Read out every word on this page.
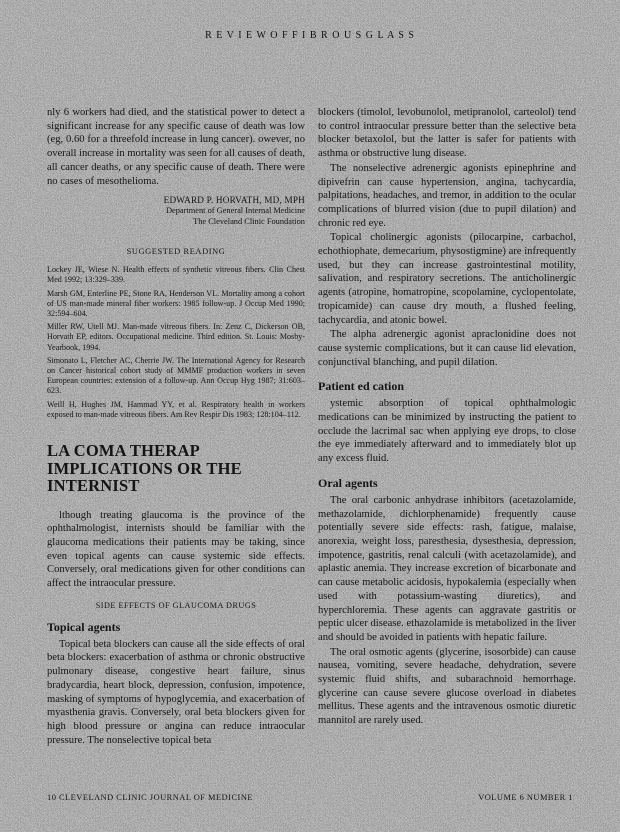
R E V I E W O F F I B R O U S G L A S S

nly 6 workers had died, and the statistical power to detect a significant increase for any specific cause of death was low (eg, 0.60 for a threefold increase in lung cancer). owever, no overall increase in mortality was seen for all causes of death, all cancer deaths, or any specific cause of death. There were no cases of mesothelioma.

EDWARD P. HORVATH, MD, MPH
Department of General Internal Medicine
The Cleveland Clinic Foundation
SUGGESTED READING

Lockey JE, Wiese N. Health effects of synthetic vitreous fibers. Clin Chest Med 1992; 13:329–339.

Marsh GM, Enterline PE, Stone RA, Henderson VL. Mortality among a cohort of US man-made mineral fiber workers: 1985 follow-up. J Occup Med 1990; 32:594–604.

Miller RW, Utell MJ. Man-made vitreous fibers. In: Zenz C, Dickerson OB, Horvath EP, editors. Occupational medicine. Third edition. St. Louis: Mosby-Yearbook, 1994.

Simonato L, Fletcher AC, Cherrie JW. The International Agency for Research on Cancer historical cohort study of MMMF production workers in seven European countries: extension of a follow-up. Ann Occup Hyg 1987; 31:603–623.

Weill H, Hughes JM, Hammad YY, et al. Respiratory health in workers exposed to man-made vitreous fibers. Am Rev Respir Dis 1983; 128:104–112.

LA COMA THERAP
IMPLICATIONS OR THE INTERNIST

lthough treating glaucoma is the province of the ophthalmologist, internists should be familiar with the glaucoma medications their patients may be taking, since even topical agents can cause systemic side effects. Conversely, oral medications given for other conditions can affect the intraocular pressure.

SIDE EFFECTS OF GLAUCOMA DRUGS
Topical agents

Topical beta blockers can cause all the side effects of oral beta blockers: exacerbation of asthma or chronic obstructive pulmonary disease, congestive heart failure, sinus bradycardia, heart block, depression, confusion, impotence, masking of symptoms of hypoglycemia, and exacerbation of myasthenia gravis. Conversely, oral beta blockers given for high blood pressure or angina can reduce intraocular pressure. The nonselective topical beta

blockers (timolol, levobunolol, metipranolol, carteolol) tend to control intraocular pressure better than the selective beta blocker betaxolol, but the latter is safer for patients with asthma or obstructive lung disease.

The nonselective adrenergic agonists epinephrine and dipivefrin can cause hypertension, angina, tachycardia, palpitations, headaches, and tremor, in addition to the ocular complications of blurred vision (due to pupil dilation) and chronic red eye.

Topical cholinergic agonists (pilocarpine, carbachol, echothiophate, demecarium, physostigmine) are infrequently used, but they can increase gastrointestinal motility, salivation, and respiratory secretions. The anticholinergic agents (atropine, homatropine, scopolamine, cyclopentolate, tropicamide) can cause dry mouth, a flushed feeling, tachycardia, and atonic bowel.

The alpha adrenergic agonist apraclonidine does not cause systemic complications, but it can cause lid elevation, conjunctival blanching, and pupil dilation.

Patient ed cation

ystemic absorption of topical ophthalmologic medications can be minimized by instructing the patient to occlude the lacrimal sac when applying eye drops, to close the eye immediately afterward and to immediately blot up any excess fluid.

Oral agents

The oral carbonic anhydrase inhibitors (acetazolamide, methazolamide, dichlorphenamide) frequently cause potentially severe side effects: rash, fatigue, malaise, anorexia, weight loss, paresthesia, dysesthesia, depression, impotence, gastritis, renal calculi (with acetazolamide), and aplastic anemia. They increase excretion of bicarbonate and can cause metabolic acidosis, hypokalemia (especially when used with potassium-wasting diuretics), and hyperchloremia. These agents can aggravate gastritis or peptic ulcer disease. ethazolamide is metabolized in the liver and should be avoided in patients with hepatic failure.

The oral osmotic agents (glycerine, isosorbide) can cause nausea, vomiting, severe headache, dehydration, severe systemic fluid shifts, and subarachnoid hemorrhage. glycerine can cause severe glucose overload in diabetes mellitus. These agents and the intravenous osmotic diuretic mannitol are rarely used.

10 CLEVELAND CLINIC JOURNAL OF MEDICINE	VOLUME 6 NUMBER 1
